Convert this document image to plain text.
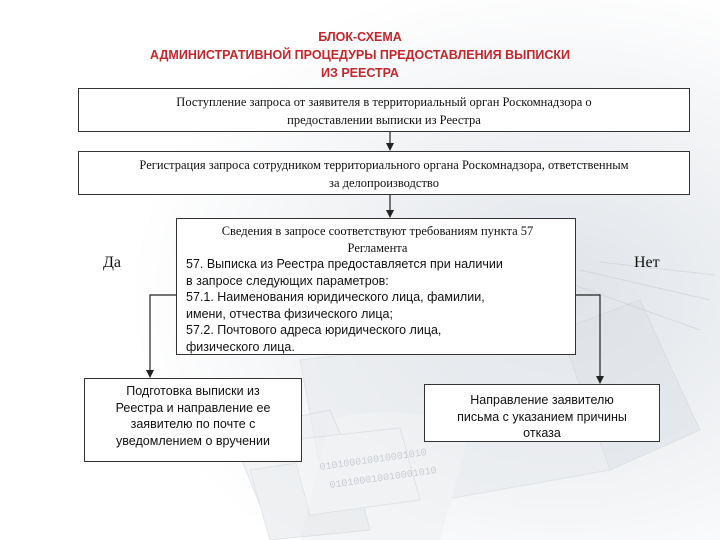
010100010010001010
010100010010001010
БЛОК-СХЕМА
АДМИНИСТРАТИВНОЙ ПРОЦЕДУРЫ ПРЕДОСТАВЛЕНИЯ ВЫПИСКИ
ИЗ РЕЕСТРА
Поступление запроса от заявителя в территориальный орган Роскомнадзора о
предоставлении выписки из Реестра
Регистрация запроса сотрудником территориального органа Роскомнадзора, ответственным
за делопроизводство
Сведения в запросе соответствуют требованиям пункта 57
Регламента
57. Выписка из Реестра предоставляется при наличии
в запросе следующих параметров:
57.1. Наименования юридического лица, фамилии,
имени, отчества физического лица;
57.2. Почтового адреса юридического лица,
физического лица.
Да	Нет
Подготовка выписки из
Реестра и направление ее
заявителю по почте с
уведомлением о вручении
Направление заявителю
письма с указанием причины
отказа
